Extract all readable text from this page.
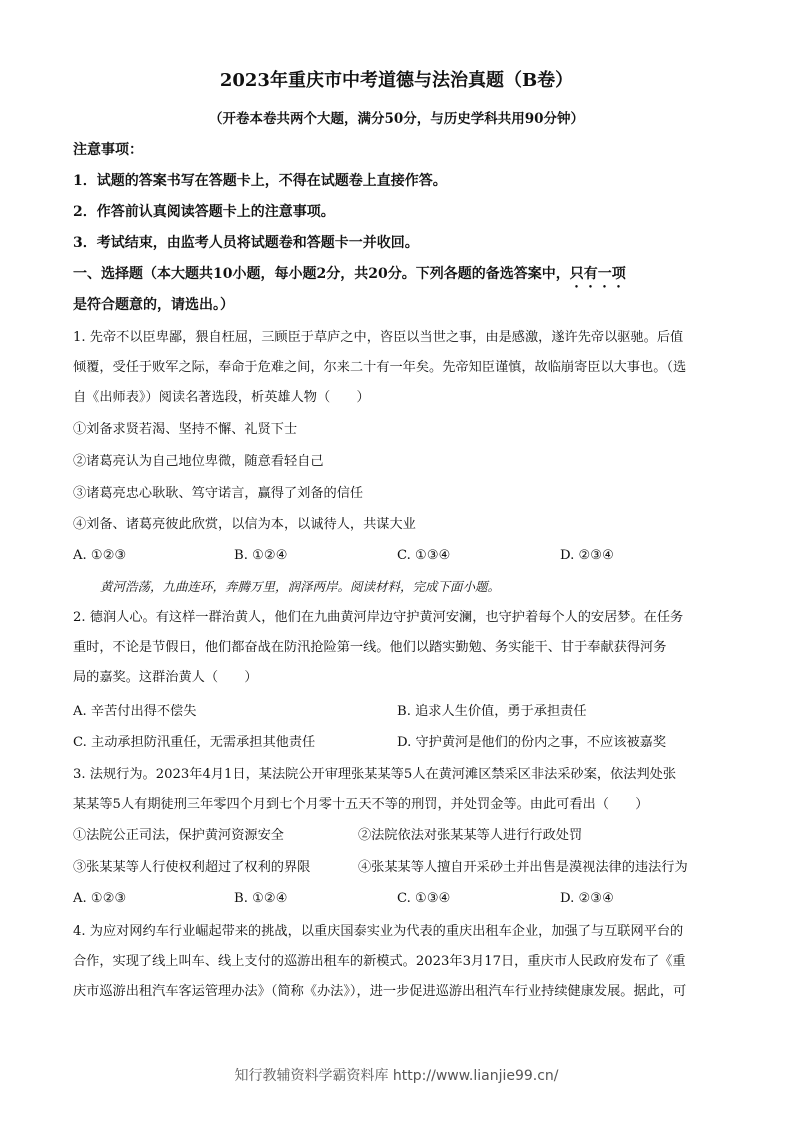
2023年重庆市中考道德与法治真题（B卷）
（开卷本卷共两个大题，满分50分，与历史学科共用90分钟）
注意事项：
1．试题的答案书写在答题卡上，不得在试题卷上直接作答。
2．作答前认真阅读答题卡上的注意事项。
3．考试结束，由监考人员将试题卷和答题卡一并收回。
一、选择题（本大题共10小题，每小题2分，共20分。下列各题的备选答案中，只有一项
是符合题意的，请选出。）
1. 先帝不以臣卑鄙，猥自枉屈，三顾臣于草庐之中，咨臣以当世之事，由是感激，遂许先帝以驱驰。后值
倾覆，受任于败军之际，奉命于危难之间，尔来二十有一年矣。先帝知臣谨慎，故临崩寄臣以大事也。（选
自《出师表》）阅读名著选段，析英雄人物（　　）
①刘备求贤若渴、坚持不懈、礼贤下士
②诸葛亮认为自己地位卑微，随意看轻自己
③诸葛亮忠心耿耿、笃守诺言，赢得了刘备的信任
④刘备、诸葛亮彼此欣赏，以信为本，以诚待人，共谋大业
A. ①②③	B. ①②④	C. ①③④	D. ②③④
黄河浩荡，九曲连环，奔腾万里，润泽两岸。阅读材料，完成下面小题。
2. 德润人心。有这样一群治黄人，他们在九曲黄河岸边守护黄河安澜，也守护着每个人的安居梦。在任务
重时，不论是节假日，他们都奋战在防汛抢险第一线。他们以踏实勤勉、务实能干、甘于奉献获得河务
局的嘉奖。这群治黄人（　　）
A. 辛苦付出得不偿失	B. 追求人生价值，勇于承担责任
C. 主动承担防汛重任，无需承担其他责任	D. 守护黄河是他们的份内之事，不应该被嘉奖
3. 法规行为。2023年4月1日，某法院公开审理张某某等5人在黄河滩区禁采区非法采砂案，依法判处张
某某等5人有期徒刑三年零四个月到七个月零十五天不等的刑罚，并处罚金等。由此可看出（　　）
①法院公正司法，保护黄河资源安全	②法院依法对张某某等人进行行政处罚
③张某某等人行使权利超过了权利的界限	④张某某等人擅自开采砂土并出售是漠视法律的违法行为
A. ①②③	B. ①②④	C. ①③④	D. ②③④
4. 为应对网约车行业崛起带来的挑战，以重庆国泰实业为代表的重庆出租车企业，加强了与互联网平台的
合作，实现了线上叫车、线上支付的巡游出租车的新模式。2023年3月17日，重庆市人民政府发布了《重
庆市巡游出租汽车客运管理办法》（简称《办法》），进一步促进巡游出租汽车行业持续健康发展。据此，可
知行教辅资料学霸资料库 http://www.lianjie99.cn/
